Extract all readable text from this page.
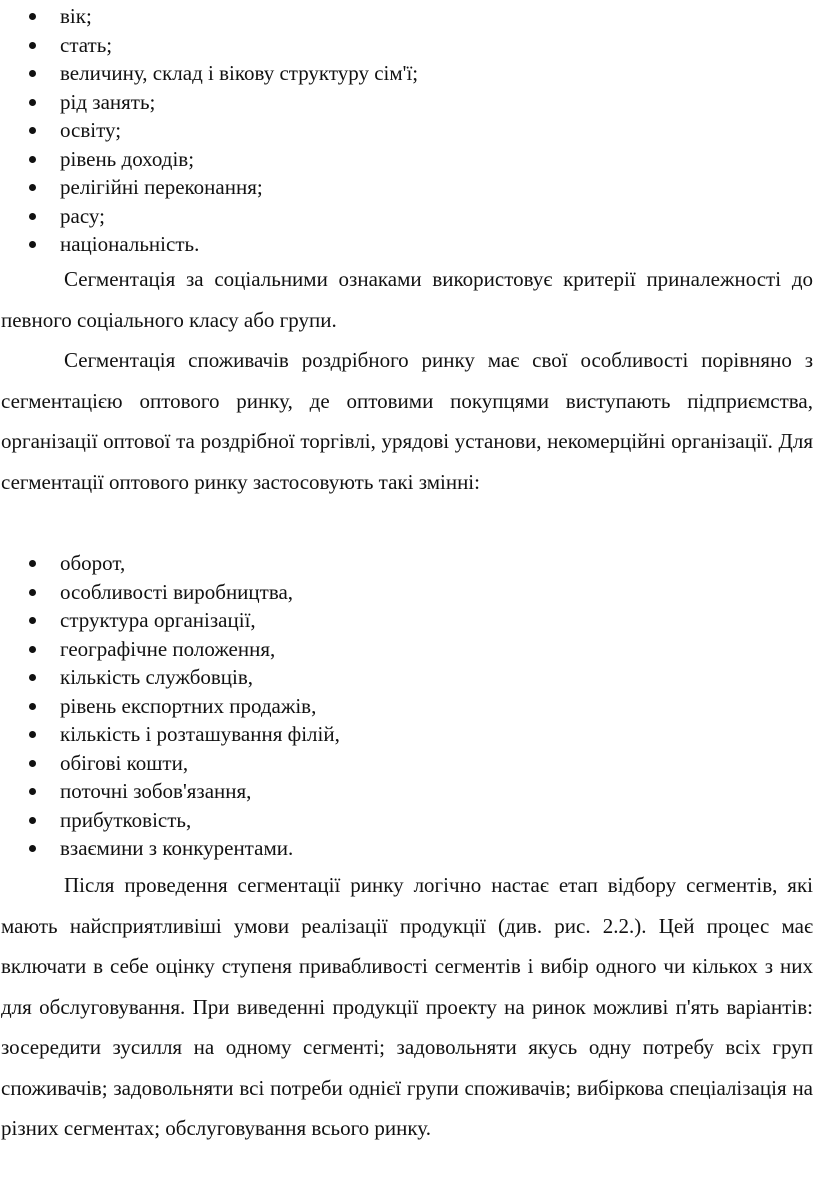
вік;
стать;
величину, склад і вікову структуру сім'ї;
рід занять;
освіту;
рівень доходів;
релігійні переконання;
расу;
національність.

Сегментація за соціальними ознаками використовує критерії приналежності до певного соціального класу або групи.

Сегментація споживачів роздрібного ринку має свої особливості порівняно з сегментацією оптового ринку, де оптовими покупцями виступають підприємства, організації оптової та роздрібної торгівлі, урядові установи, некомерційні організації. Для сегментації оптового ринку застосовують такі змінні:

оборот,
особливості виробництва,
структура організації,
географічне положення,
кількість службовців,
рівень експортних продажів,
кількість і розташування філій,
обігові кошти,
поточні зобов'язання,
прибутковість,
взаємини з конкурентами.

Після проведення сегментації ринку логічно настає етап відбору сегментів, які мають найсприятливіші умови реалізації продукції (див. рис. 2.2.). Цей процес має включати в себе оцінку ступеня привабливості сегментів і вибір одного чи кількох з них для обслуговування. При виведенні продукції проекту на ринок можливі п'ять варіантів: зосередити зусилля на одному сегменті; задовольняти якусь одну потребу всіх груп споживачів; задовольняти всі потреби однієї групи споживачів; вибіркова спеціалізація на різних сегментах; обслуговування всього ринку.
